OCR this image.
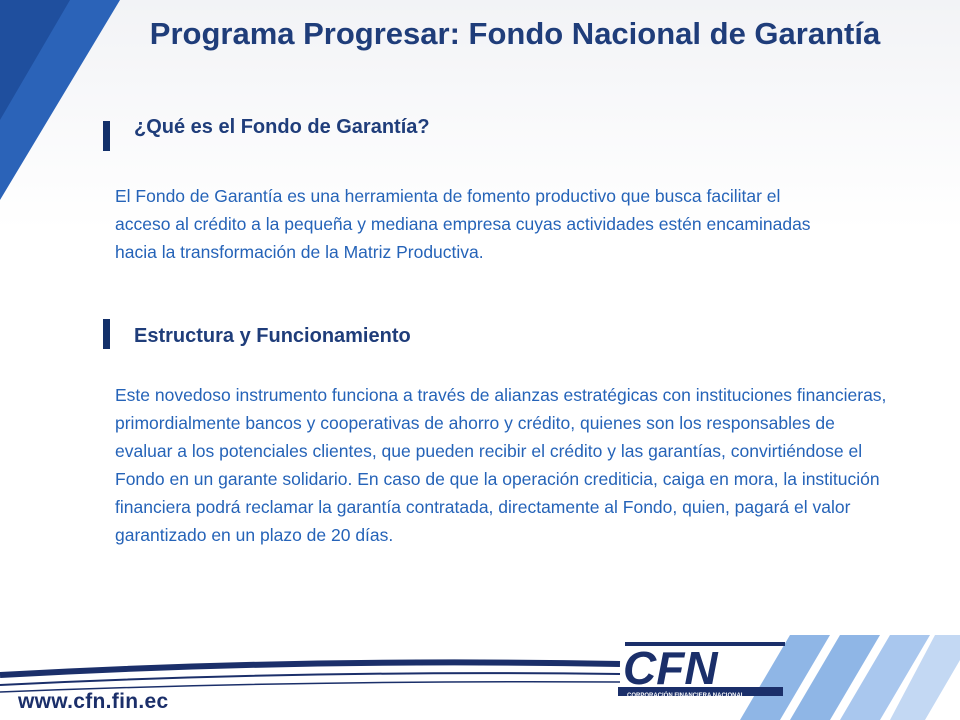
Programa Progresar: Fondo Nacional de Garantía
¿Qué es el Fondo de Garantía?
El Fondo de Garantía es una herramienta de fomento productivo que busca facilitar el acceso al crédito a la pequeña y mediana empresa cuyas actividades estén encaminadas hacia la transformación de la Matriz Productiva.
Estructura y Funcionamiento
Este novedoso instrumento funciona a través de alianzas estratégicas con instituciones financieras, primordialmente bancos y cooperativas de ahorro y crédito, quienes son los responsables de evaluar a los potenciales clientes, que pueden recibir el crédito y las garantías, convirtiéndose el Fondo en un garante solidario. En caso de que la operación crediticia, caiga en mora, la institución financiera podrá reclamar la garantía contratada, directamente al Fondo, quien, pagará el valor garantizado en un plazo de 20 días.
CFN
CORPORACIÓN FINANCIERA NACIONAL
www.cfn.fin.ec
